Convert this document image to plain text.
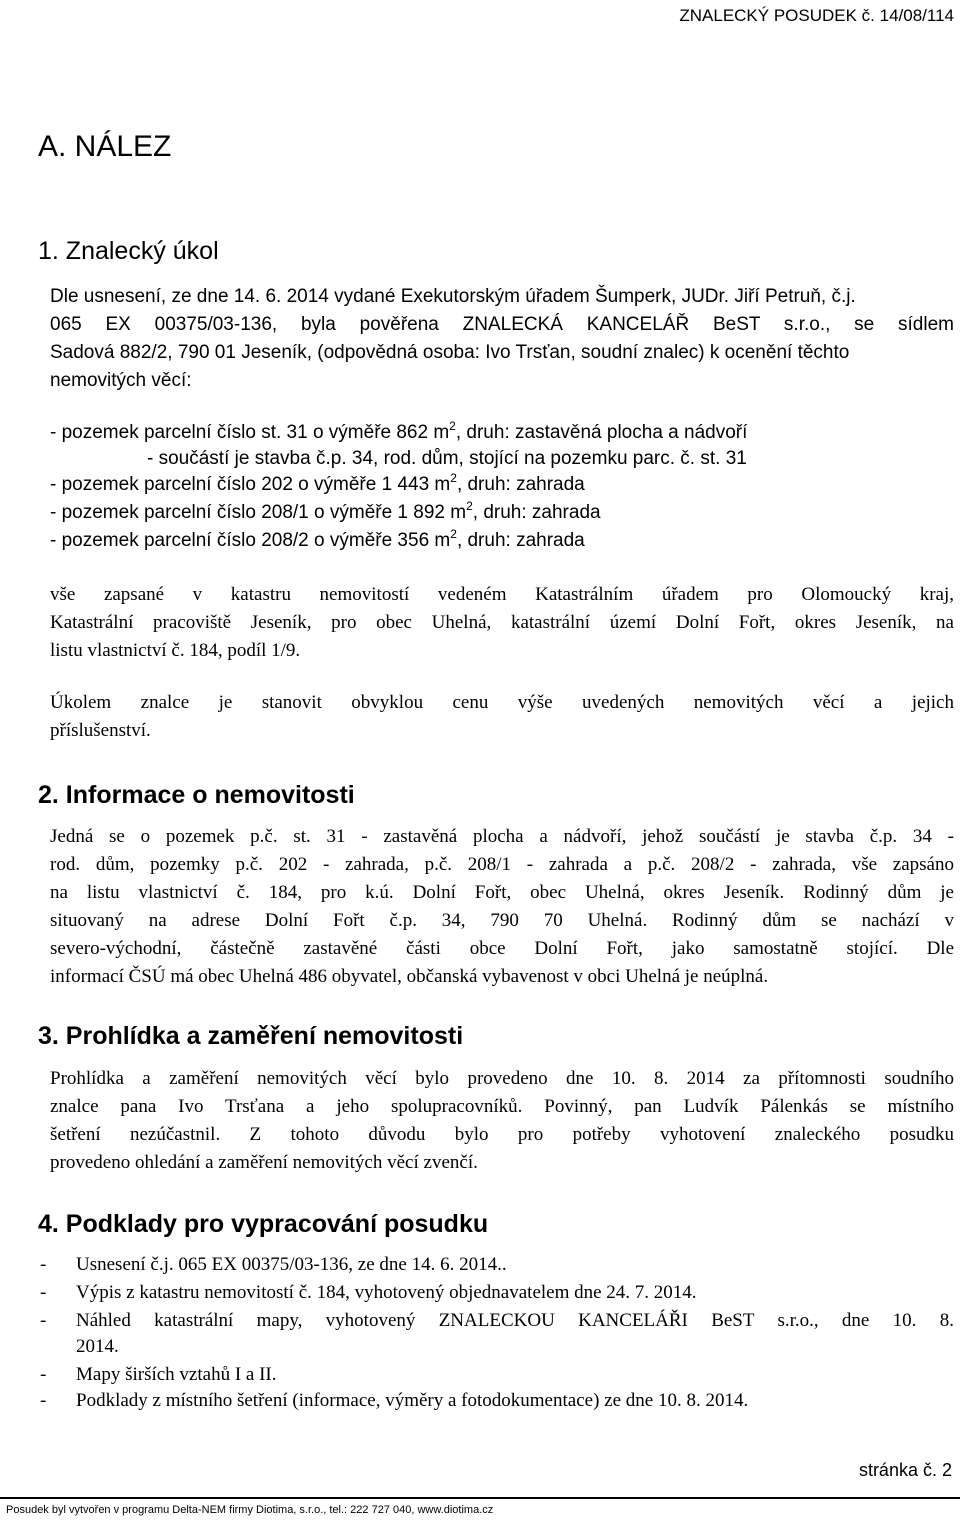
ZNALECKÝ POSUDEK č. 14/08/114
A. NÁLEZ
1. Znalecký úkol
Dle usnesení, ze dne 14. 6. 2014 vydané Exekutorským úřadem Šumperk, JUDr. Jiří Petruň, č.j.
065 EX 00375/03-136, byla pověřena ZNALECKÁ KANCELÁŘ BeST s.r.o., se sídlem
Sadová 882/2, 790 01 Jeseník, (odpovědná osoba: Ivo Trsťan, soudní znalec) k ocenění těchto
nemovitých věcí:
- pozemek parcelní číslo st. 31 o výměře 862 $m^2$, druh: zastavěná plocha a nádvoří
- součástí je stavba č.p. 34, rod. dům, stojící na pozemku parc. č. st. 31
- pozemek parcelní číslo 202 o výměře 1 443 $m^2$, druh: zahrada
- pozemek parcelní číslo 208/1 o výměře 1 892 $m^2$, druh: zahrada
- pozemek parcelní číslo 208/2 o výměře 356 $m^2$, druh: zahrada
vše zapsané v katastru nemovitostí vedeném Katastrálním úřadem pro Olomoucký kraj,
Katastrální pracoviště Jeseník, pro obec Uhelná, katastrální území Dolní Fořt, okres Jeseník, na
listu vlastnictví č. 184, podíl 1/9.
Úkolem znalce je stanovit obvyklou cenu výše uvedených nemovitých věcí a jejich
příslušenství.
2. Informace o nemovitosti
Jedná se o pozemek p.č. st. 31 - zastavěná plocha a nádvoří, jehož součástí je stavba č.p. 34 -
rod. dům, pozemky p.č. 202 - zahrada, p.č. 208/1 - zahrada a p.č. 208/2 - zahrada, vše zapsáno
na listu vlastnictví č. 184, pro k.ú. Dolní Fořt, obec Uhelná, okres Jeseník. Rodinný dům je
situovaný na adrese Dolní Fořt č.p. 34, 790 70 Uhelná. Rodinný dům se nachází v
severo-východní, částečně zastavěné části obce Dolní Fořt, jako samostatně stojící. Dle
informací ČSÚ má obec Uhelná 486 obyvatel, občanská vybavenost v obci Uhelná je neúplná.
3. Prohlídka a zaměření nemovitosti
Prohlídka a zaměření nemovitých věcí bylo provedeno dne 10. 8. 2014 za přítomnosti soudního
znalce pana Ivo Trsťana a jeho spolupracovníků. Povinný, pan Ludvík Pálenkás se místního
šetření nezúčastnil. Z tohoto důvodu bylo pro potřeby vyhotovení znaleckého posudku
provedeno ohledání a zaměření nemovitých věcí zvenčí.
4. Podklady pro vypracování posudku
- Usnesení č.j. 065 EX 00375/03-136, ze dne 14. 6. 2014..
- Výpis z katastru nemovitostí č. 184, vyhotovený objednavatelem dne 24. 7. 2014.
- Náhled katastrální mapy, vyhotovený ZNALECKOU KANCELÁŘI BeST s.r.o., dne 10. 8.
2014.
- Mapy širších vztahů I a II.
- Podklady z místního šetření (informace, výměry a fotodokumentace) ze dne 10. 8. 2014.
stránka č. 2
Posudek byl vytvořen v programu Delta-NEM firmy Diotima, s.r.o., tel.: 222 727 040, www.diotima.cz
